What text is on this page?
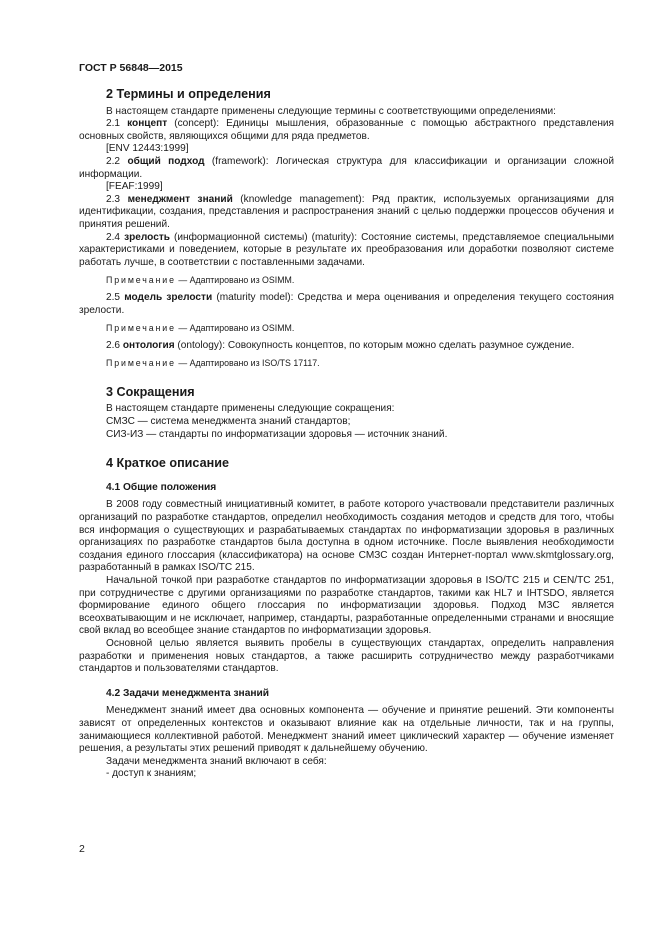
ГОСТ Р 56848—2015
2 Термины и определения

В настоящем стандарте применены следующие термины с соответствующими определениями:

2.1 концепт (concept): Единицы мышления, образованные с помощью абстрактного представления основных свойств, являющихся общими для ряда предметов.

[ENV 12443:1999]

2.2 общий подход (framework): Логическая структура для классификации и организации сложной информации.

[FEAF:1999]

2.3 менеджмент знаний (knowledge management): Ряд практик, используемых организациями для идентификации, создания, представления и распространения знаний с целью поддержки процессов обучения и принятия решений.

2.4 зрелость (информационной системы) (maturity): Состояние системы, представляемое специальными характеристиками и поведением, которые в результате их преобразования или доработки позволяют системе работать лучше, в соответствии с поставленными задачами.

Примечание — Адаптировано из OSIMM.

2.5 модель зрелости (maturity model): Средства и мера оценивания и определения текущего состояния зрелости.

Примечание — Адаптировано из OSIMM.

2.6 онтология (ontology): Совокупность концептов, по которым можно сделать разумное суждение.

Примечание — Адаптировано из ISO/TS 17117.

3 Сокращения

В настоящем стандарте применены следующие сокращения:

СМЗС — система менеджмента знаний стандартов;

СИЗ-ИЗ — стандарты по информатизации здоровья — источник знаний.

4 Краткое описание
4.1 Общие положения

В 2008 году совместный инициативный комитет, в работе которого участвовали представители различных организаций по разработке стандартов, определил необходимость создания методов и средств для того, чтобы вся информация о существующих и разрабатываемых стандартах по информатизации здоровья в различных организациях по разработке стандартов была доступна в одном источнике. После выявления необходимости создания единого глоссария (классификатора) на основе СМЗС создан Интернет-портал www.skmtglossary.org, разработанный в рамках ISO/TC 215.

Начальной точкой при разработке стандартов по информатизации здоровья в ISO/TC 215 и CEN/TC 251, при сотрудничестве с другими организациями по разработке стандартов, такими как HL7 и IHTSDO, является формирование единого общего глоссария по информатизации здоровья. Подход МЗС является всеохватывающим и не исключает, например, стандарты, разработанные определенными странами и вносящие свой вклад во всеобщее знание стандартов по информатизации здоровья.

Основной целью является выявить пробелы в существующих стандартах, определить направления разработки и применения новых стандартов, а также расширить сотрудничество между разработчиками стандартов и пользователями стандартов.

4.2 Задачи менеджмента знаний

Менеджмент знаний имеет два основных компонента — обучение и принятие решений. Эти компоненты зависят от определенных контекстов и оказывают влияние как на отдельные личности, так и на группы, занимающиеся коллективной работой. Менеджмент знаний имеет циклический характер — обучение изменяет решения, а результаты этих решений приводят к дальнейшему обучению.

Задачи менеджмента знаний включают в себя:

- доступ к знаниям;

2
